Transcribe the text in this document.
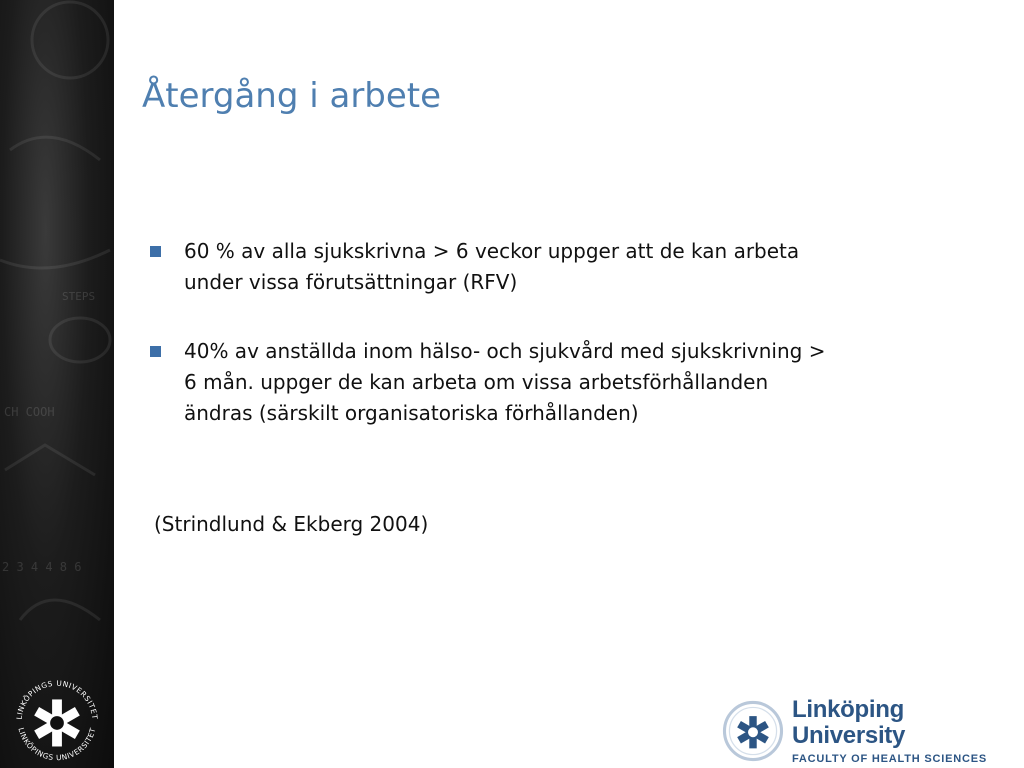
STEPS
CH COOH
2 3 4 4 8 6
LINKÖPINGS UNIVERSITET
LINKÖPINGS UNIVERSITET
Återgång i arbete
60 % av alla sjukskrivna > 6 veckor uppger att de kan arbeta
under vissa förutsättningar (RFV)
40% av anställda inom hälso- och sjukvård med sjukskrivning >
6 mån. uppger de kan arbeta om vissa arbetsförhållanden
ändras (särskilt organisatoriska förhållanden)
(Strindlund & Ekberg 2004)
Linköping University
FACULTY OF HEALTH SCIENCES
